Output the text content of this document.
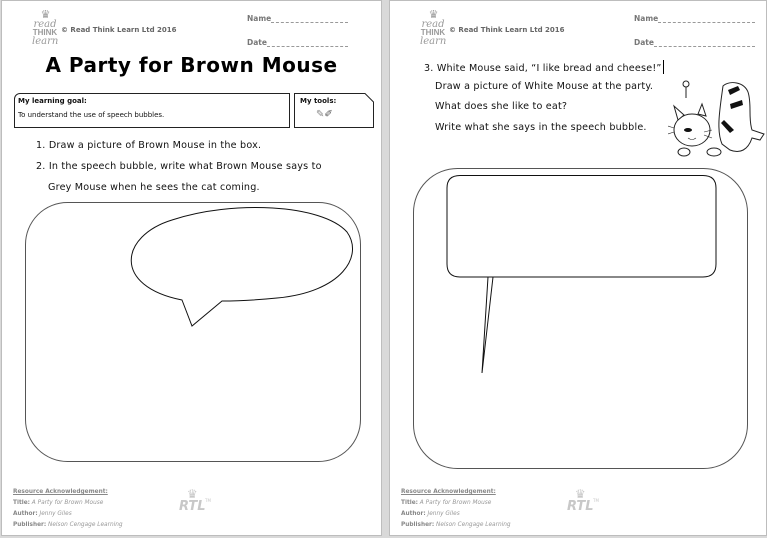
♛
read
THINK
learn
© Read Think Learn Ltd 2016
Name
Date
A Party for Brown Mouse
My learning goal:
To understand the use of speech bubbles.
My tools:
✎✐
1. Draw a picture of Brown Mouse in the box.
2. In the speech bubble, write what Brown Mouse says to
Grey Mouse when he sees the cat coming.
Resource Acknowledgement:
Title: A Party for Brown Mouse
Author: Jenny Giles
Publisher: Nelson Cengage Learning
♛
RTL TM
♛
read
THINK
learn
© Read Think Learn Ltd 2016
Name
Date
3. White Mouse said, “I like bread and cheese!”
Draw a picture of White Mouse at the party.
What does she like to eat?
Write what she says in the speech bubble.
Resource Acknowledgement:
Title: A Party for Brown Mouse
Author: Jenny Giles
Publisher: Nelson Cengage Learning
♛
RTL TM
